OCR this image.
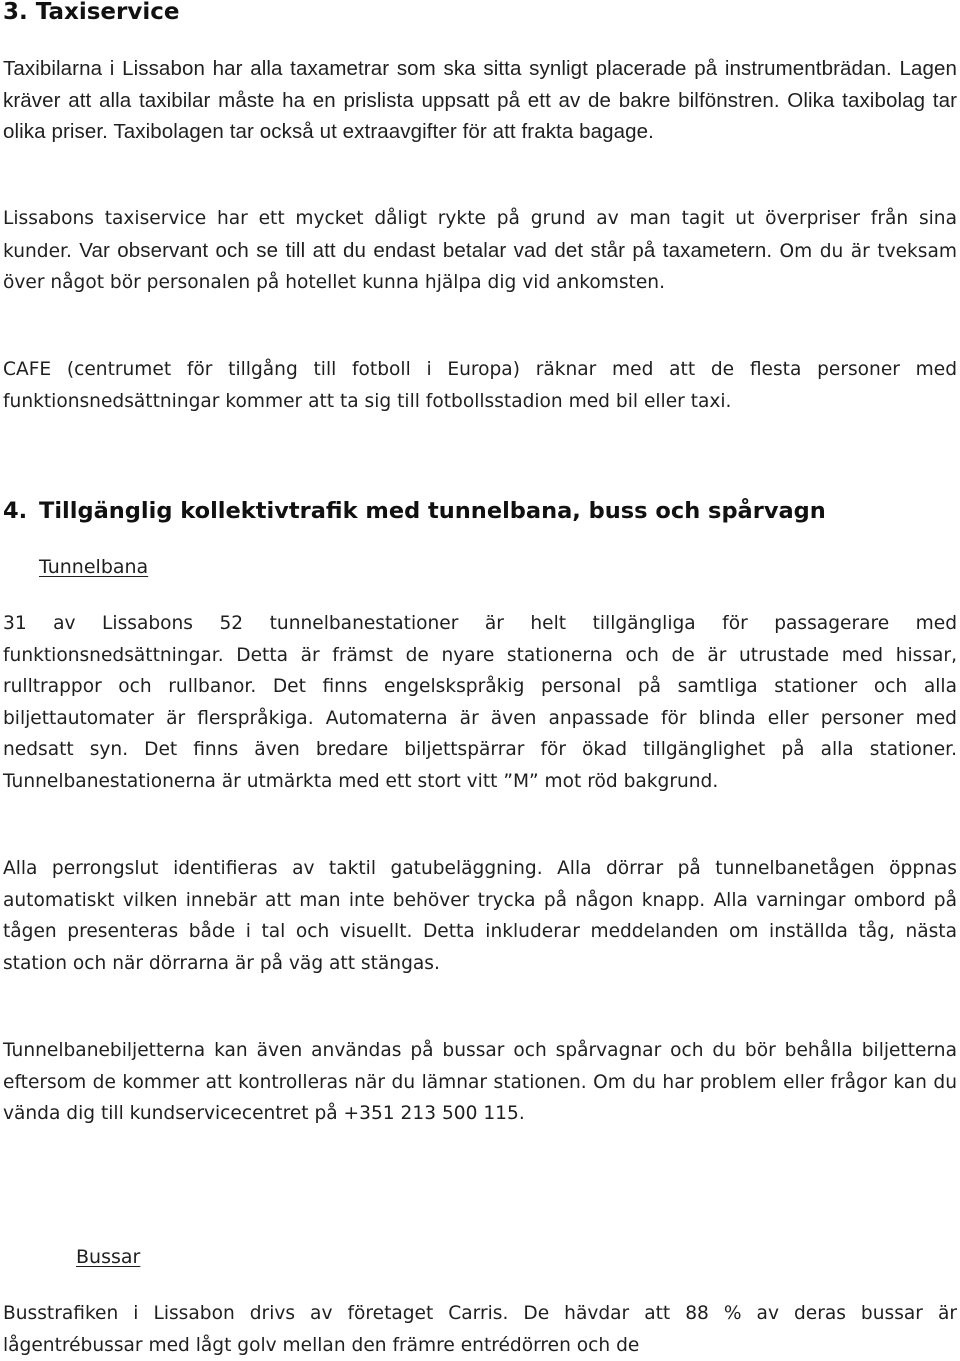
3. Taxiservice

Taxibilarna i Lissabon har alla taxametrar som ska sitta synligt placerade på instrumentbrädan. Lagen kräver att alla taxibilar måste ha en prislista uppsatt på ett av de bakre bilfönstren. Olika taxibolag tar olika priser. Taxibolagen tar också ut extraavgifter för att frakta bagage.

Lissabons taxiservice har ett mycket dåligt rykte på grund av man tagit ut överpriser från sina kunder. Var observant och se till att du endast betalar vad det står på taxametern. Om du är tveksam över något bör personalen på hotellet kunna hjälpa dig vid ankomsten.

CAFE (centrumet för tillgång till fotboll i Europa) räknar med att de flesta personer med funktionsnedsättningar kommer att ta sig till fotbollsstadion med bil eller taxi.

4. Tillgänglig kollektivtrafik med tunnelbana, buss och spårvagn
Tunnelbana

31 av Lissabons 52 tunnelbanestationer är helt tillgängliga för passagerare med funktionsnedsättningar. Detta är främst de nyare stationerna och de är utrustade med hissar, rulltrappor och rullbanor. Det finns engelskspråkig personal på samtliga stationer och alla biljettautomater är flerspråkiga. Automaterna är även anpassade för blinda eller personer med nedsatt syn. Det finns även bredare biljettspärrar för ökad tillgänglighet på alla stationer. Tunnelbanestationerna är utmärkta med ett stort vitt ”M” mot röd bakgrund.

Alla perrongslut identifieras av taktil gatubeläggning. Alla dörrar på tunnelbanetågen öppnas automatiskt vilken innebär att man inte behöver trycka på någon knapp. Alla varningar ombord på tågen presenteras både i tal och visuellt. Detta inkluderar meddelanden om inställda tåg, nästa station och när dörrarna är på väg att stängas.

Tunnelbanebiljetterna kan även användas på bussar och spårvagnar och du bör behålla biljetterna eftersom de kommer att kontrolleras när du lämnar stationen. Om du har problem eller frågor kan du vända dig till kundservicecentret på +351 213 500 115.

Bussar

Busstrafiken i Lissabon drivs av företaget Carris. De hävdar att 88 % av deras bussar är lågentrébussar med lågt golv mellan den främre entrédörren och de
